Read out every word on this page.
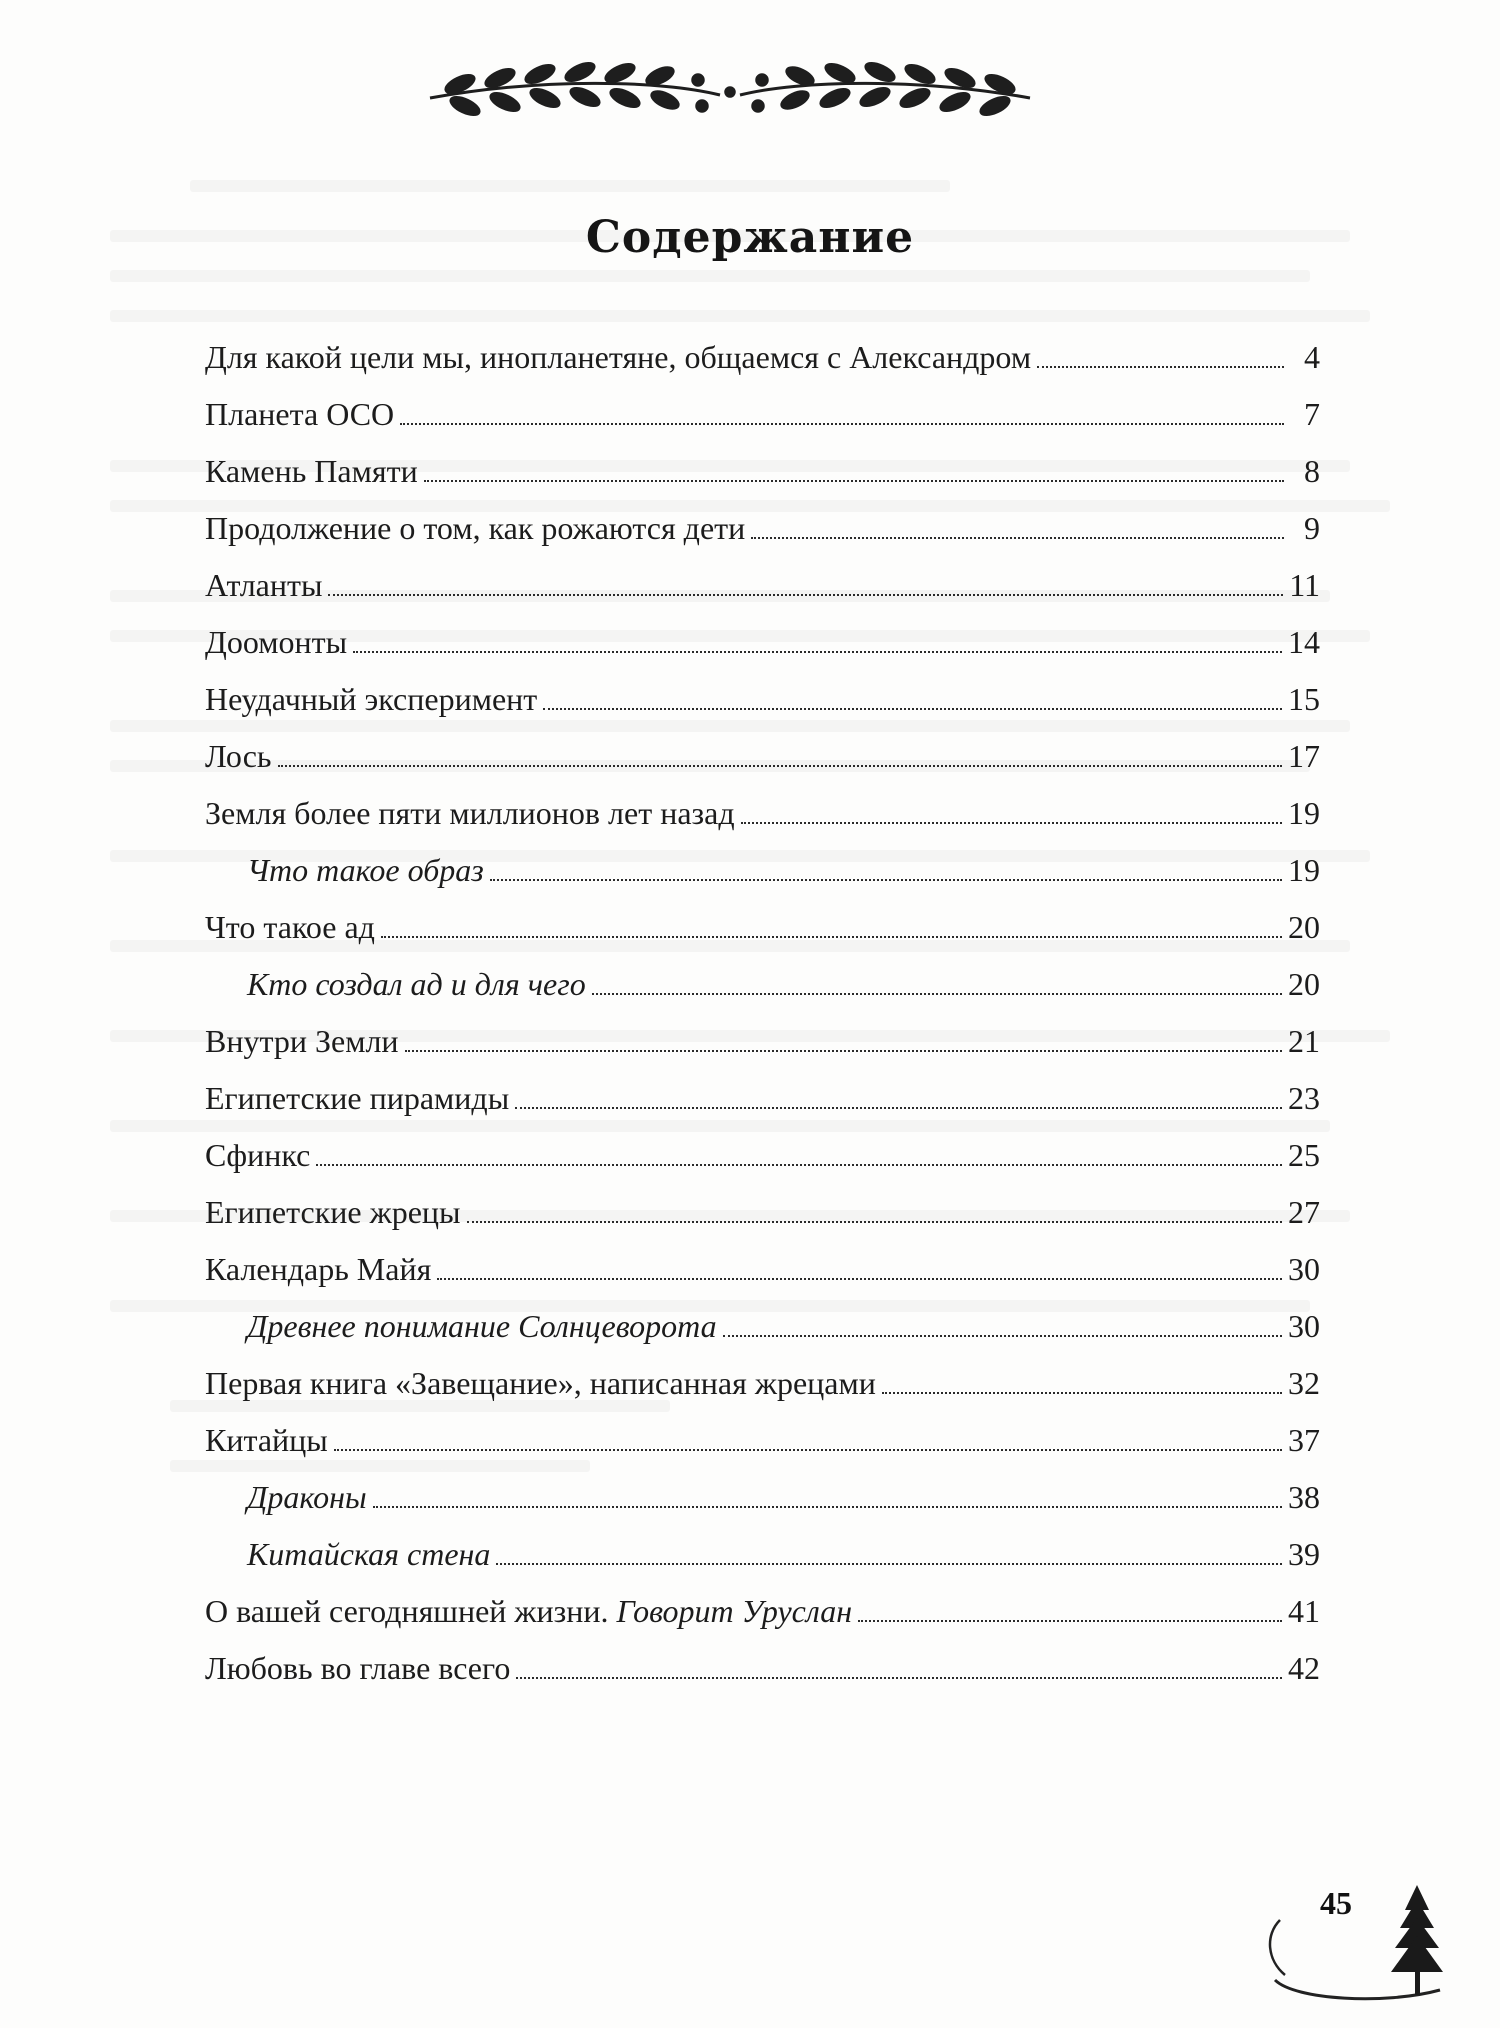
Содержание
Для какой цели мы, инопланетяне, общаемся с Александром	4
Планета ОСО	7
Камень Памяти	8
Продолжение о том, как рожаются дети	9
Атланты	11
Доомонты	14
Неудачный эксперимент	15
Лось	17
Земля более пяти миллионов лет назад	19
Что такое образ	19
Что такое ад	20
Кто создал ад и для чего	20
Внутри Земли	21
Египетские пирамиды	23
Сфинкс	25
Египетские жрецы	27
Календарь Майя	30
Древнее понимание Солнцеворота	30
Первая книга «Завещание», написанная жрецами	32
Китайцы	37
Драконы	38
Китайская стена	39
О вашей сегодняшней жизни. Говорит Уруслан	41
Любовь во главе всего	42
45
